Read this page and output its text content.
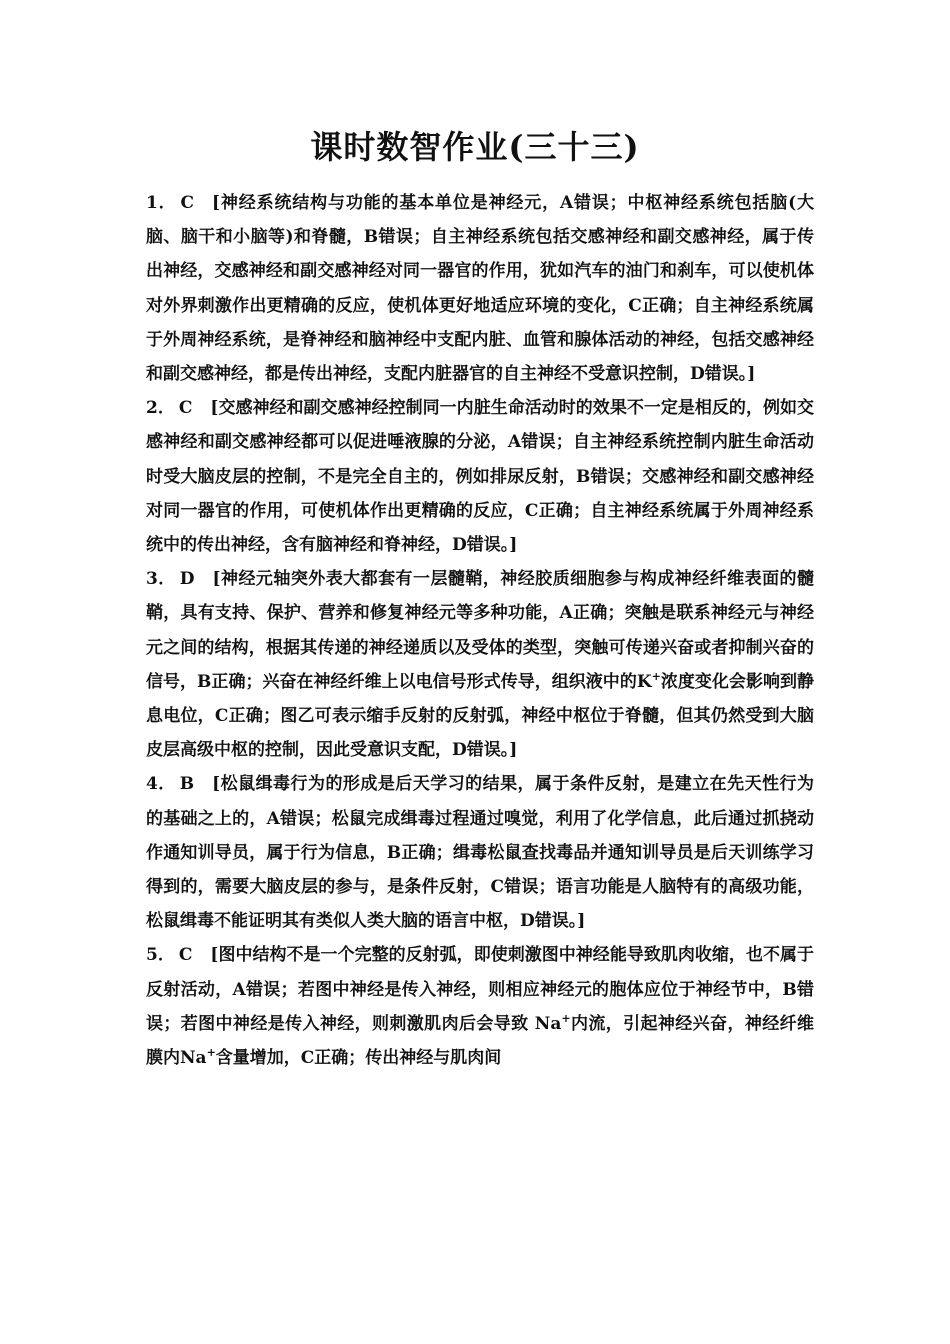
课时数智作业(三十三)

1． C [神经系统结构与功能的基本单位是神经元，A错误；中枢神经系统包括脑(大脑、脑干和小脑等)和脊髓，B错误；自主神经系统包括交感神经和副交感神经，属于传出神经，交感神经和副交感神经对同一器官的作用，犹如汽车的油门和刹车，可以使机体对外界刺激作出更精确的反应，使机体更好地适应环境的变化，C正确；自主神经系统属于外周神经系统，是脊神经和脑神经中支配内脏、血管和腺体活动的神经，包括交感神经和副交感神经，都是传出神经，支配内脏器官的自主神经不受意识控制，D错误。]

2． C [交感神经和副交感神经控制同一内脏生命活动时的效果不一定是相反的，例如交感神经和副交感神经都可以促进唾液腺的分泌，A错误；自主神经系统控制内脏生命活动时受大脑皮层的控制，不是完全自主的，例如排尿反射，B错误；交感神经和副交感神经对同一器官的作用，可使机体作出更精确的反应，C正确；自主神经系统属于外周神经系统中的传出神经，含有脑神经和脊神经，D错误。]

3． D [神经元轴突外表大都套有一层髓鞘，神经胶质细胞参与构成神经纤维表面的髓鞘，具有支持、保护、营养和修复神经元等多种功能，A正确；突触是联系神经元与神经元之间的结构，根据其传递的神经递质以及受体的类型，突触可传递兴奋或者抑制兴奋的信号，B正确；兴奋在神经纤维上以电信号形式传导，组织液中的K+浓度变化会影响到静息电位，C正确；图乙可表示缩手反射的反射弧，神经中枢位于脊髓，但其仍然受到大脑皮层高级中枢的控制，因此受意识支配，D错误。]

4． B [松鼠缉毒行为的形成是后天学习的结果，属于条件反射，是建立在先天性行为的基础之上的，A错误；松鼠完成缉毒过程通过嗅觉，利用了化学信息，此后通过抓挠动作通知训导员，属于行为信息，B正确；缉毒松鼠查找毒品并通知训导员是后天训练学习得到的，需要大脑皮层的参与，是条件反射，C错误；语言功能是人脑特有的高级功能，松鼠缉毒不能证明其有类似人类大脑的语言中枢，D错误。]

5． C [图中结构不是一个完整的反射弧，即使刺激图中神经能导致肌肉收缩，也不属于反射活动，A错误；若图中神经是传入神经，则相应神经元的胞体应位于神经节中，B错误；若图中神经是传入神经，则刺激肌肉后会导致 Na+内流，引起神经兴奋，神经纤维膜内Na+含量增加，C正确；传出神经与肌肉间
